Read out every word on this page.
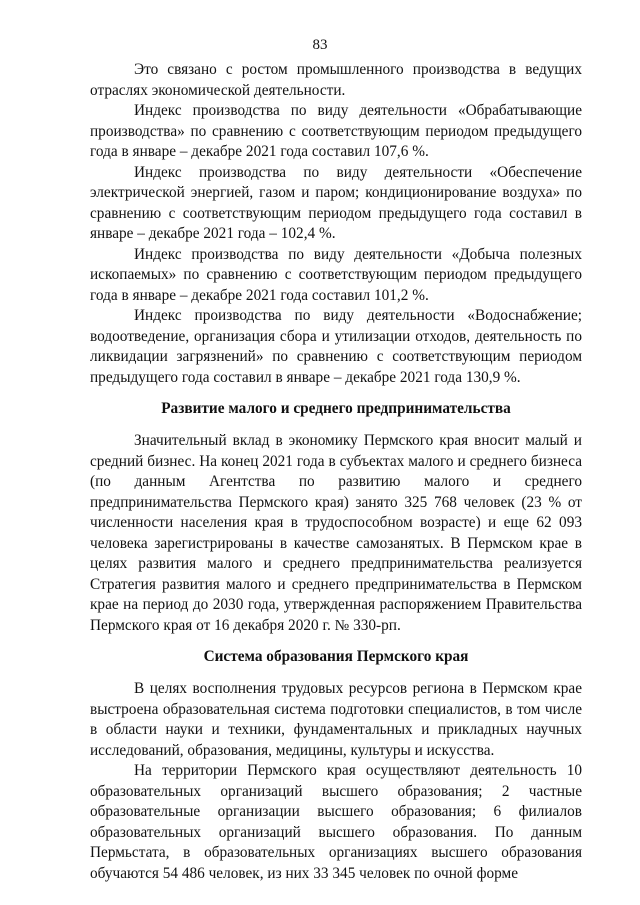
83

Это связано с ростом промышленного производства в ведущих отраслях экономической деятельности.

Индекс производства по виду деятельности «Обрабатывающие производства» по сравнению с соответствующим периодом предыдущего года в январе – декабре 2021 года составил 107,6 %.

Индекс производства по виду деятельности «Обеспечение электрической энергией, газом и паром; кондиционирование воздуха» по сравнению с соответствующим периодом предыдущего года составил в январе – декабре 2021 года – 102,4 %.

Индекс производства по виду деятельности «Добыча полезных ископаемых» по сравнению с соответствующим периодом предыдущего года в январе – декабре 2021 года составил 101,2 %.

Индекс производства по виду деятельности «Водоснабжение; водоотведение, организация сбора и утилизации отходов, деятельность по ликвидации загрязнений» по сравнению с соответствующим периодом предыдущего года составил в январе – декабре 2021 года 130,9 %.

Развитие малого и среднего предпринимательства

Значительный вклад в экономику Пермского края вносит малый и средний бизнес. На конец 2021 года в субъектах малого и среднего бизнеса (по данным Агентства по развитию малого и среднего предпринимательства Пермского края) занято 325 768 человек (23 % от численности населения края в трудоспособном возрасте) и еще 62 093 человека зарегистрированы в качестве самозанятых. В Пермском крае в целях развития малого и среднего предпринимательства реализуется Стратегия развития малого и среднего предпринимательства в Пермском крае на период до 2030 года, утвержденная распоряжением Правительства Пермского края от 16 декабря 2020 г. № 330-рп.

Система образования Пермского края

В целях восполнения трудовых ресурсов региона в Пермском крае выстроена образовательная система подготовки специалистов, в том числе в области науки и техники, фундаментальных и прикладных научных исследований, образования, медицины, культуры и искусства.

На территории Пермского края осуществляют деятельность 10 образовательных организаций высшего образования; 2 частные образовательные организации высшего образования; 6 филиалов образовательных организаций высшего образования. По данным Пермьстата, в образовательных организациях высшего образования обучаются 54 486 человек, из них 33 345 человек по очной форме
